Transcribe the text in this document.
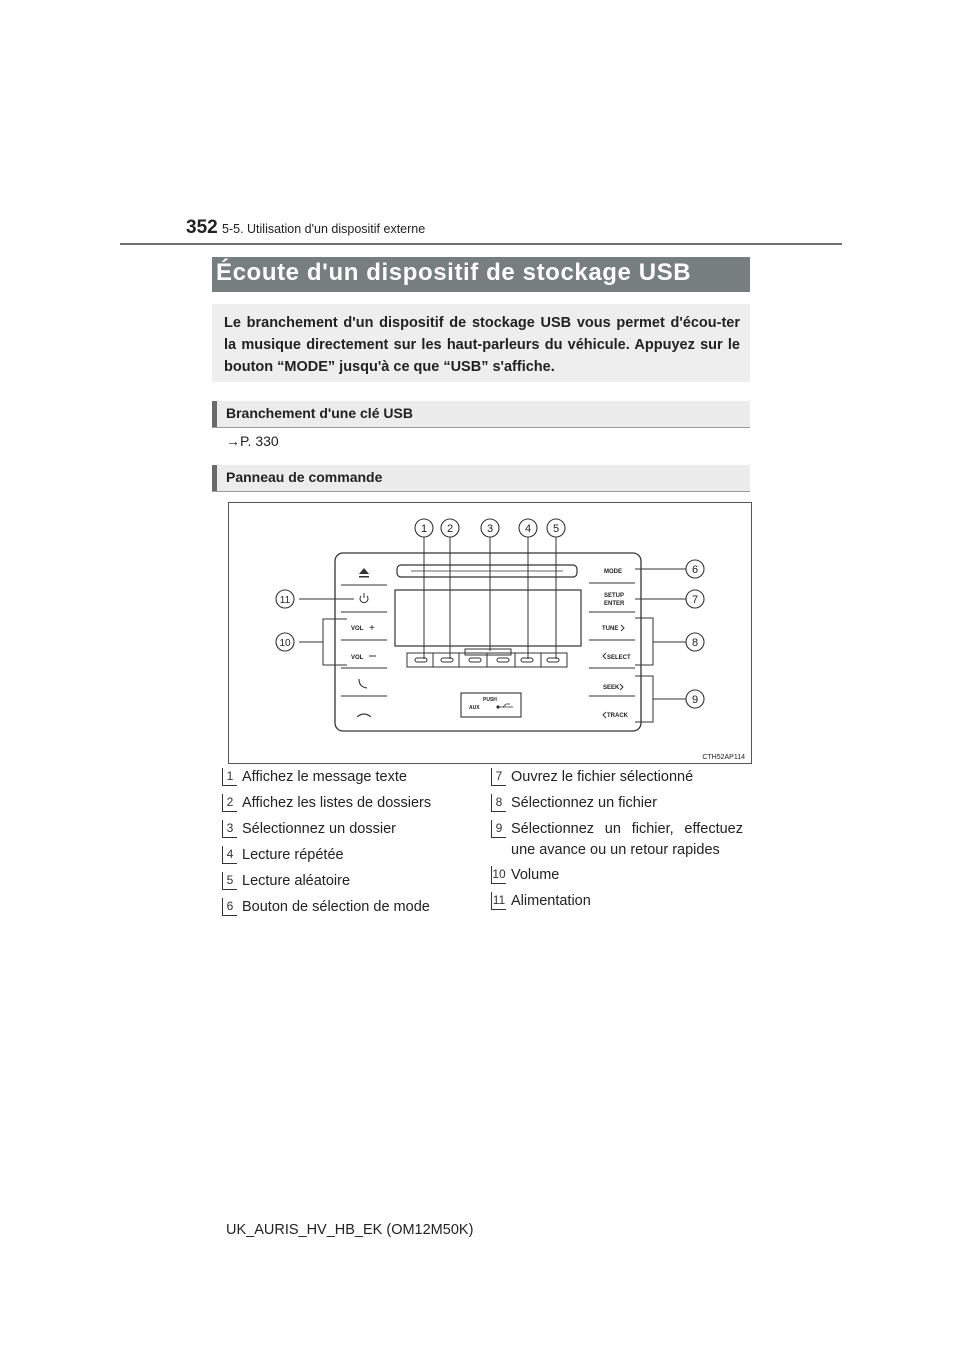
352 5-5. Utilisation d'un dispositif externe
Écoute d'un dispositif de stockage USB
Le branchement d'un dispositif de stockage USB vous permet d'écou-ter la musique directement sur les haut-parleurs du véhicule. Appuyez sur le bouton “MODE” jusqu'à ce que “USB” s'affiche.
Branchement d'une clé USB
→P. 330
Panneau de commande
PUSH
AUX
VOL +
VOL
MODE
SETUP
ENTER
TUNE
SELECT
SEEK
TRACK
1 2	3	4 5
6
7
8
9
10
11
CTH52AP114
1 Affichez le message texte
2 Affichez les listes de dossiers
3 Sélectionnez un dossier
4 Lecture répétée
5 Lecture aléatoire
6 Bouton de sélection de mode
7 Ouvrez le fichier sélectionné
8 Sélectionnez un fichier
9 Sélectionnez un fichier, effectuez une avance ou un retour rapides
10 Volume
11 Alimentation
UK_AURIS_HV_HB_EK (OM12M50K)
